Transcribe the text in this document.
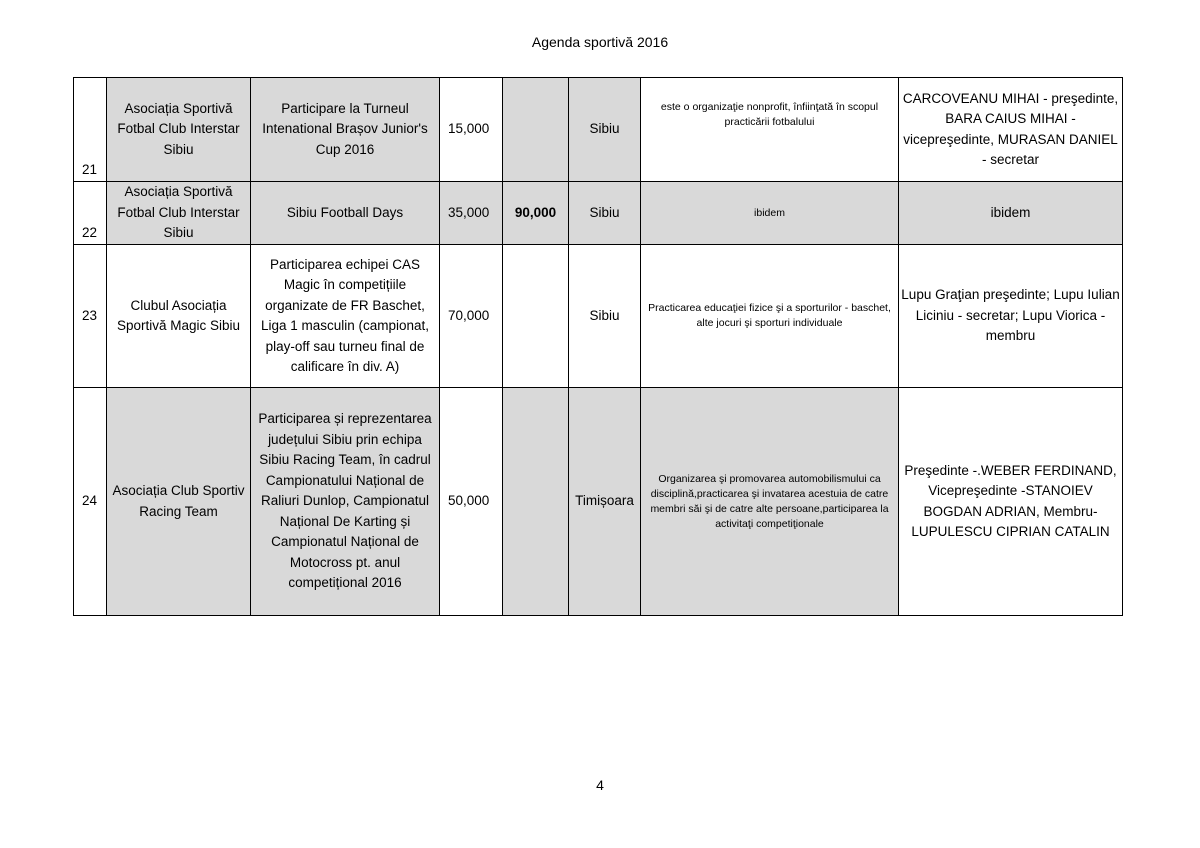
Agenda sportivă 2016
21	Asociația Sportivă Fotbal Club Interstar Sibiu	Participare la Turneul Intenational Brașov Junior's Cup 2016	15,000		Sibiu	este o organizaţie nonprofit, înfiinţată în scopul practicării fotbalului	CARCOVEANU MIHAI - preşedinte, BARA CAIUS MIHAI - vicepreşedinte, MURASAN DANIEL - secretar
22	Asociația Sportivă Fotbal Club Interstar Sibiu	Sibiu Football Days	35,000	90,000	Sibiu	ibidem	ibidem
23	Clubul Asociația Sportivă Magic Sibiu	Participarea echipei CAS Magic în competițiile organizate de FR Baschet, Liga 1 masculin (campionat, play-off sau turneu final de calificare în div. A)	70,000		Sibiu	Practicarea educaţiei fizice şi a sporturilor - baschet, alte jocuri şi sporturi individuale	Lupu Graţian preşedinte; Lupu Iulian Liciniu - secretar; Lupu Viorica - membru
24	Asociația Club Sportiv Racing Team	Participarea și reprezentarea județului Sibiu prin echipa Sibiu Racing Team, în cadrul Campionatului Național de Raliuri Dunlop, Campionatul Național De Karting și Campionatul Național de Motocross pt. anul competițional 2016	50,000		Timișoara	Organizarea şi promovarea automobilismului ca disciplină,practicarea şi invatarea acestuia de catre membri săi şi de catre alte persoane,participarea la activitaţi competiţionale	Preşedinte -.WEBER FERDINAND, Vicepreşedinte -STANOIEV BOGDAN ADRIAN, Membru-LUPULESCU CIPRIAN CATALIN
4
